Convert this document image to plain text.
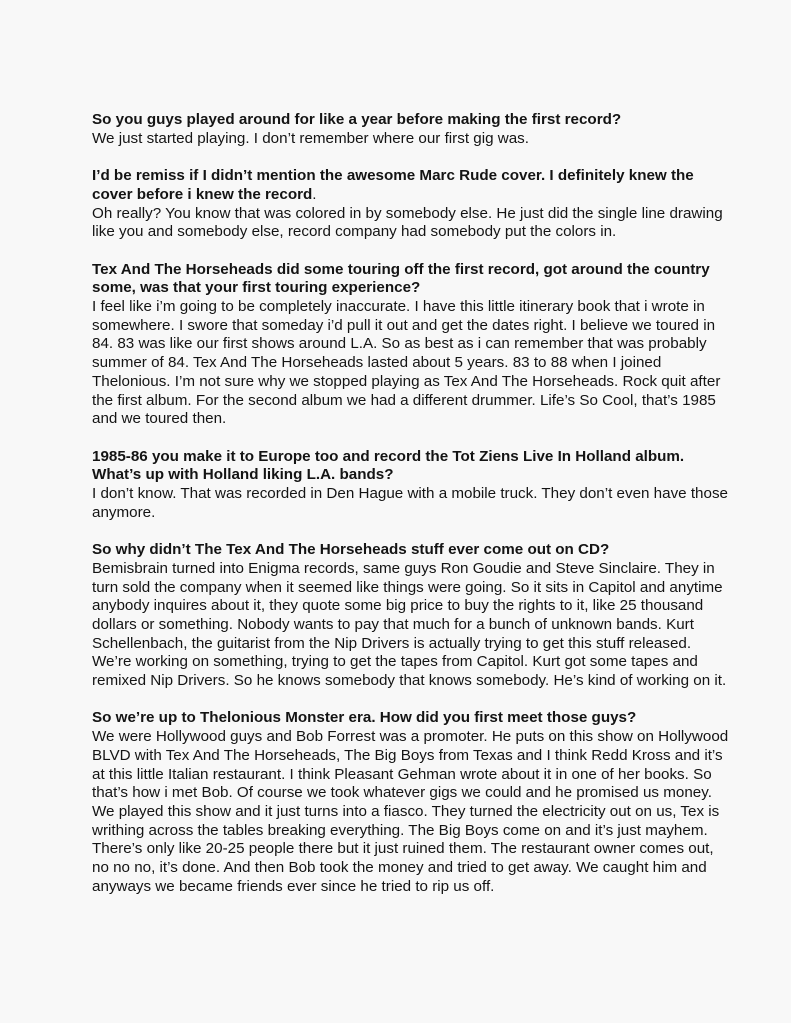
So you guys played around for like a year before making the first record?

We just started playing. I don’t remember where our first gig was.

I’d be remiss if I didn’t mention the awesome Marc Rude cover. I definitely knew the cover before i knew the record.

Oh really? You know that was colored in by somebody else. He just did the single line drawing like you and somebody else, record company had somebody put the colors in.

Tex And The Horseheads did some touring off the first record, got around the country some, was that your first touring experience?

I feel like i’m going to be completely inaccurate. I have this little itinerary book that i wrote in somewhere. I swore that someday i’d pull it out and get the dates right. I believe we toured in 84. 83 was like our first shows around L.A. So as best as i can remember that was probably summer of 84. Tex And The Horseheads lasted about 5 years. 83 to 88 when I joined Thelonious. I’m not sure why we stopped playing as Tex And The Horseheads. Rock quit after the first album. For the second album we had a different drummer. Life’s So Cool, that’s 1985 and we toured then.

1985-86 you make it to Europe too and record the Tot Ziens Live In Holland album. What’s up with Holland liking L.A. bands?

I don’t know. That was recorded in Den Hague with a mobile truck. They don’t even have those anymore.

So why didn’t The Tex And The Horseheads stuff ever come out on CD?

Bemisbrain turned into Enigma records, same guys Ron Goudie and Steve Sinclaire. They in turn sold the company when it seemed like things were going. So it sits in Capitol and anytime anybody inquires about it, they quote some big price to buy the rights to it, like 25 thousand dollars or something. Nobody wants to pay that much for a bunch of unknown bands. Kurt Schellenbach, the guitarist from the Nip Drivers is actually trying to get this stuff released. We’re working on something, trying to get the tapes from Capitol. Kurt got some tapes and remixed Nip Drivers. So he knows somebody that knows somebody. He’s kind of working on it.

So we’re up to Thelonious Monster era. How did you first meet those guys?

We were Hollywood guys and Bob Forrest was a promoter. He puts on this show on Hollywood BLVD with Tex And The Horseheads, The Big Boys from Texas and I think Redd Kross and it’s at this little Italian restaurant. I think Pleasant Gehman wrote about it in one of her books. So that’s how i met Bob. Of course we took whatever gigs we could and he promised us money. We played this show and it just turns into a fiasco. They turned the electricity out on us, Tex is writhing across the tables breaking everything. The Big Boys come on and it’s just mayhem. There’s only like 20-25 people there but it just ruined them. The restaurant owner comes out, no no no, it’s done. And then Bob took the money and tried to get away. We caught him and anyways we became friends ever since he tried to rip us off.
